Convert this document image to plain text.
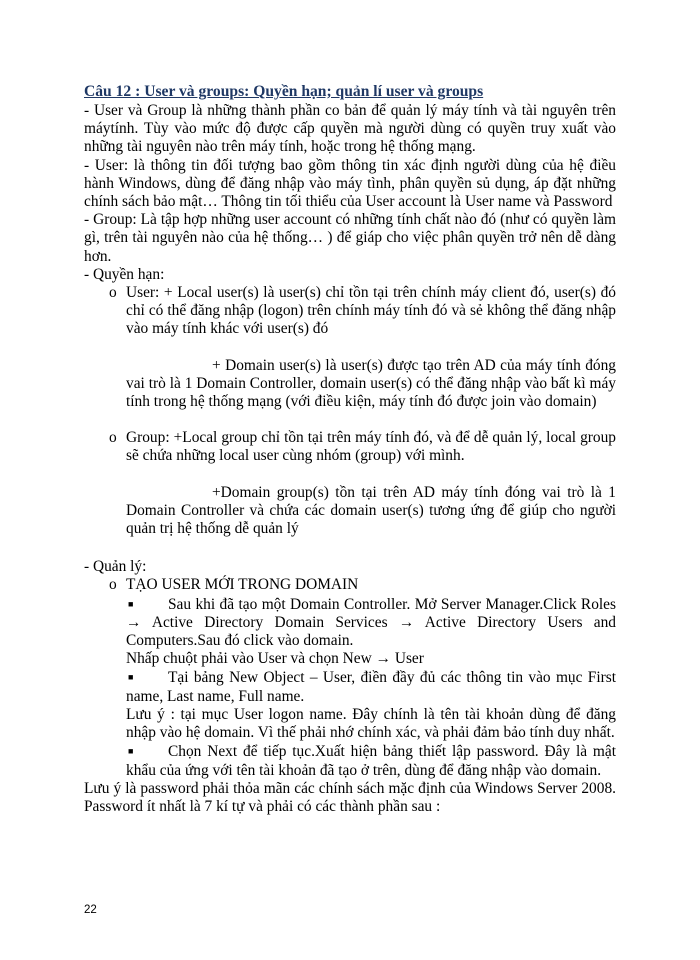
Câu 12 : User và groups: Quyền hạn; quản lí user và groups

- User và Group là những thành phần co bản để quản lý máy tính và tài nguyên trên máytính. Tùy vào mức độ được cấp quyền mà người dùng có quyền truy xuất vào những tài nguyên nào trên máy tính, hoặc trong hệ thống mạng.

- User: là thông tin đối tượng bao gồm thông tin xác định người dùng của hệ điều hành Windows, dùng để đăng nhập vào máy tình, phân quyền sủ dụng, áp đặt những chính sách bảo mật… Thông tin tối thiểu của User account là User name và Password

- Group: Là tập hợp những user account có những tính chất nào đó (như có quyền làm gì, trên tài nguyên nào của hệ thống… ) để giáp cho việc phân quyền trở nên dễ dàng hơn.

- Quyền hạn:

o User: + Local user(s) là user(s) chỉ tồn tại trên chính máy client đó, user(s) đó chỉ có thể đăng nhập (logon) trên chính máy tính đó và sẻ không thể đăng nhập vào máy tính khác với user(s) đó

+ Domain user(s) là user(s) được tạo trên AD của máy tính đóng vai trò là 1 Domain Controller, domain user(s) có thể đăng nhập vào bất kì máy tính trong hệ thống mạng (với điều kiện, máy tính đó được join vào domain)

o Group: +Local group chỉ tồn tại trên máy tính đó, và để dễ quản lý, local group sẽ chứa những local user cùng nhóm (group) với mình.

+Domain group(s) tồn tại trên AD máy tính đóng vai trò là 1 Domain Controller và chứa các domain user(s) tương ứng để giúp cho người quản trị hệ thống dễ quản lý

- Quản lý:

o TẠO USER MỚI TRONG DOMAIN

■ Sau khi đã tạo một Domain Controller. Mở Server Manager.Click Roles → Active Directory Domain Services → Active Directory Users and Computers.Sau đó click vào domain.

Nhấp chuột phải vào User và chọn New → User

■ Tại bảng New Object – User, điền đầy đủ các thông tin vào mục First name, Last name, Full name.

Lưu ý : tại mục User logon name. Đây chính là tên tài khoản dùng để đăng nhập vào hệ domain. Vì thế phải nhớ chính xác, và phải đảm bảo tính duy nhất.

■ Chọn Next để tiếp tục.Xuất hiện bảng thiết lập password. Đây là mật khẩu của ứng với tên tài khoản đã tạo ở trên, dùng để đăng nhập vào domain.

Lưu ý là password phải thỏa mãn các chính sách mặc định của Windows Server 2008. Password ít nhất là 7 kí tự và phải có các thành phần sau :

22
